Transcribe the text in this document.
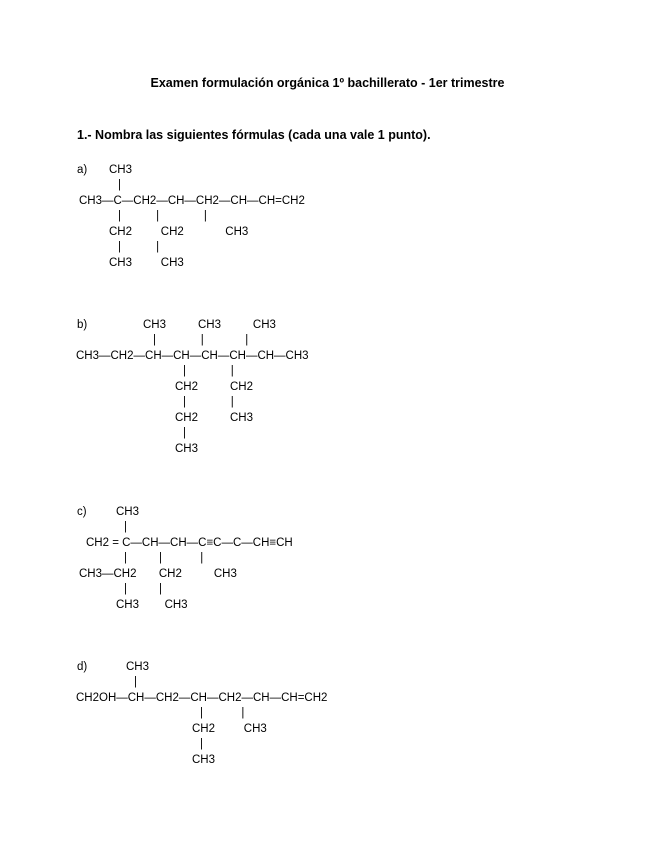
Examen formulación orgánica 1º bachillerato - 1er trimestre
1.- Nombra las siguientes fórmulas (cada una vale 1 punto).
a) CH3
|
CH3—C—CH2—CH—CH2—CH—CH=CH2
|           |              |
CH2         CH2             CH3
|           |
CH3         CH3
b)	CH3          CH3          CH3
|              |             |
CH3—CH2—CH—CH—CH—CH—CH—CH3
|              |
CH2          CH2
|              |
CH2          CH3
|
CH3
c)	CH3
|
CH2 = C—CH—CH—C≡C—C—CH≡CH
|          |            |
CH3—CH2       CH2          CH3
|          |
CH3        CH3
d)	CH3
|
CH2OH—CH—CH2—CH—CH2—CH—CH=CH2
|            |
CH2         CH3
|
CH3
